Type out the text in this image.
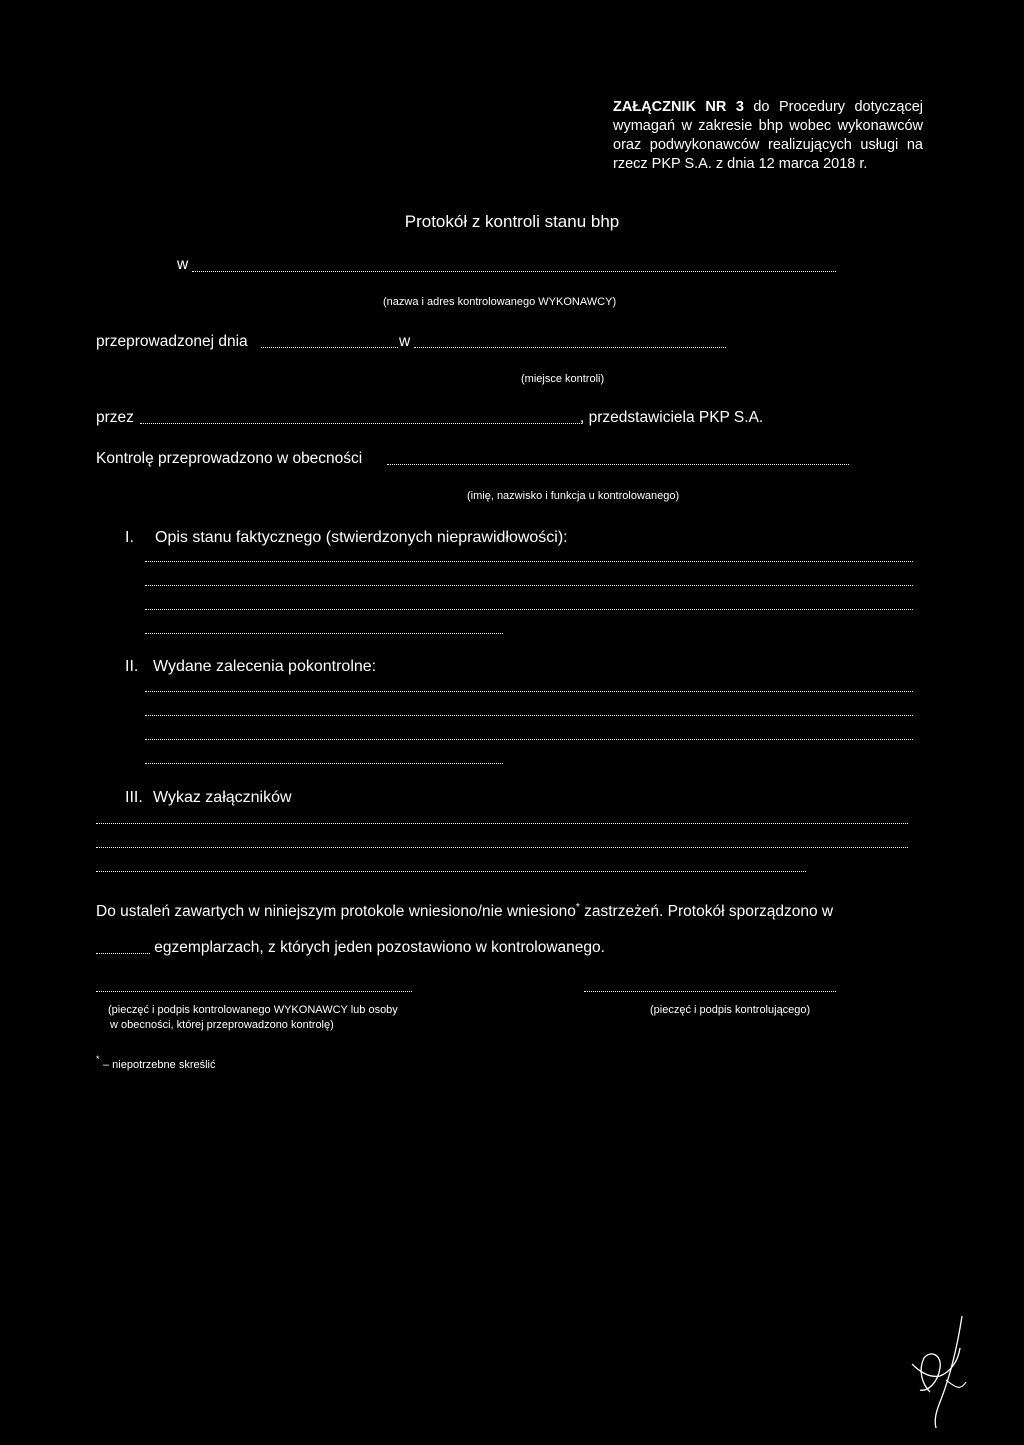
ZAŁĄCZNIK NR 3 do Procedury dotyczącej wymagań w zakresie bhp wobec wykonawców oraz podwykonawców realizujących usługi na rzecz PKP S.A. z dnia 12 marca 2018 r.
Protokół z kontroli stanu bhp
w
(nazwa i adres kontrolowanego WYKONAWCY)
przeprowadzonej dnia	w
(miejsce kontroli)
przez	, przedstawiciela PKP S.A.
Kontrolę przeprowadzono w obecności
(imię, nazwisko i funkcja u kontrolowanego)
I. Opis stanu faktycznego (stwierdzonych nieprawidłowości):
II. Wydane zalecenia pokontrolne:
III. Wykaz załączników
Do ustaleń zawartych w niniejszym protokole wniesiono/nie wniesiono* zastrzeżeń. Protokół sporządzono w
egzemplarzach, z których jeden pozostawiono w kontrolowanego.
(pieczęć i podpis kontrolowanego WYKONAWCY lub osoby
w obecności, której przeprowadzono kontrolę)
(pieczęć i podpis kontrolującego)
* – niepotrzebne skreślić
